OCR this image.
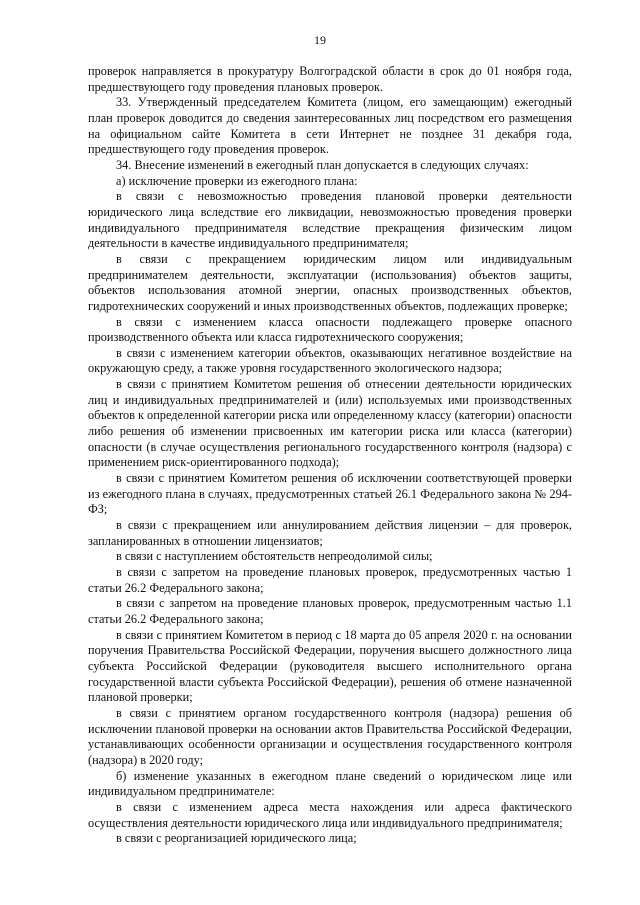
19

проверок направляется в прокуратуру Волгоградской области в срок до 01 ноября года, предшествующего году проведения плановых проверок.

33. Утвержденный председателем Комитета (лицом, его замещающим) ежегодный план проверок доводится до сведения заинтересованных лиц посредством его размещения на официальном сайте Комитета в сети Интернет не позднее 31 декабря года, предшествующего году проведения проверок.

34. Внесение изменений в ежегодный план допускается в следующих случаях:

а) исключение проверки из ежегодного плана:

в связи с невозможностью проведения плановой проверки деятельности юридического лица вследствие его ликвидации, невозможностью проведения проверки индивидуального предпринимателя вследствие прекращения физическим лицом деятельности в качестве индивидуального предпринимателя;

в связи с прекращением юридическим лицом или индивидуальным предпринимателем деятельности, эксплуатации (использования) объектов защиты, объектов использования атомной энергии, опасных производственных объектов, гидротехнических сооружений и иных производственных объектов, подлежащих проверке;

в связи с изменением класса опасности подлежащего проверке опасного производственного объекта или класса гидротехнического сооружения;

в связи с изменением категории объектов, оказывающих негативное воздействие на окружающую среду, а также уровня государственного экологического надзора;

в связи с принятием Комитетом решения об отнесении деятельности юридических лиц и индивидуальных предпринимателей и (или) используемых ими производственных объектов к определенной категории риска или определенному классу (категории) опасности либо решения об изменении присвоенных им категории риска или класса (категории) опасности (в случае осуществления регионального государственного контроля (надзора) с применением риск-ориентированного подхода);

в связи с принятием Комитетом решения об исключении соответствующей проверки из ежегодного плана в случаях, предусмотренных статьей 26.1 Федерального закона № 294-ФЗ;

в связи с прекращением или аннулированием действия лицензии – для проверок, запланированных в отношении лицензиатов;

в связи с наступлением обстоятельств непреодолимой силы;

в связи с запретом на проведение плановых проверок, предусмотренных частью 1 статьи 26.2 Федерального закона;

в связи с запретом на проведение плановых проверок, предусмотренным частью 1.1 статьи 26.2 Федерального закона;

в связи с принятием Комитетом в период с 18 марта до 05 апреля 2020 г. на основании поручения Правительства Российской Федерации, поручения высшего должностного лица субъекта Российской Федерации (руководителя высшего исполнительного органа государственной власти субъекта Российской Федерации), решения об отмене назначенной плановой проверки;

в связи с принятием органом государственного контроля (надзора) решения об исключении плановой проверки на основании актов Правительства Российской Федерации, устанавливающих особенности организации и осуществления государственного контроля (надзора) в 2020 году;

б) изменение указанных в ежегодном плане сведений о юридическом лице или индивидуальном предпринимателе:

в связи с изменением адреса места нахождения или адреса фактического осуществления деятельности юридического лица или индивидуального предпринимателя;

в связи с реорганизацией юридического лица;
